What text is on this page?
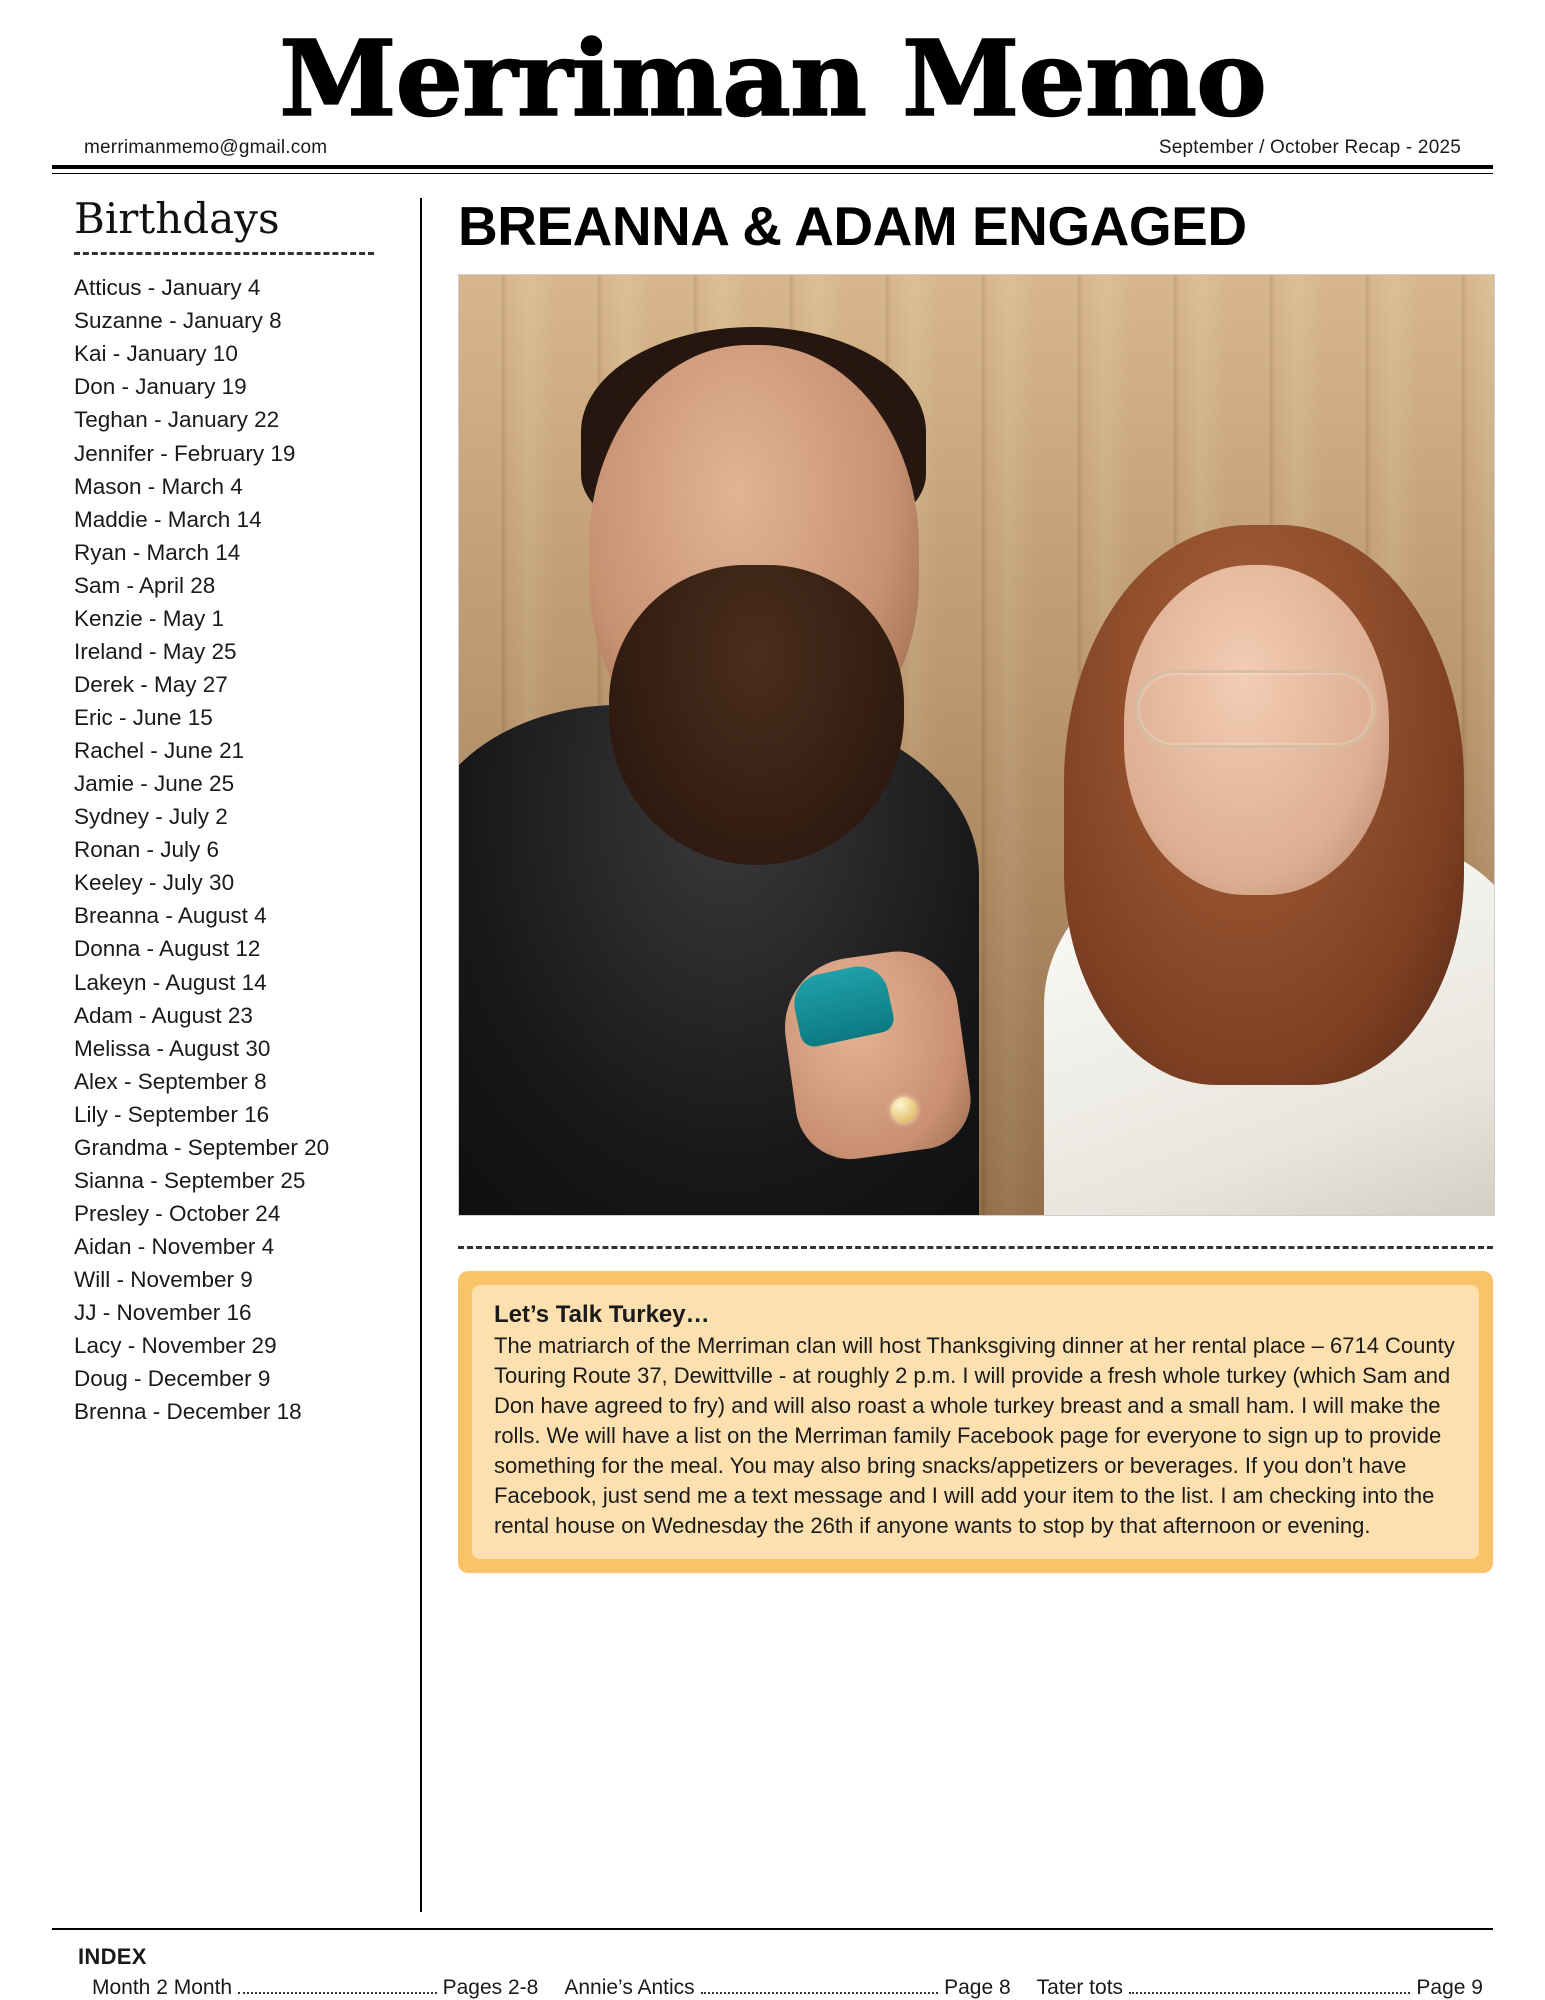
Merriman Memo
merrimanmemo@gmail.com	September / October Recap - 2025
Birthdays
Atticus - January 4
Suzanne - January 8
Kai - January 10
Don - January 19
Teghan - January 22
Jennifer - February 19
Mason - March 4
Maddie - March 14
Ryan - March 14
Sam - April 28
Kenzie - May 1
Ireland - May 25
Derek - May 27
Eric - June 15
Rachel - June 21
Jamie - June 25
Sydney - July 2
Ronan - July 6
Keeley - July 30
Breanna - August 4
Donna - August 12
Lakeyn - August 14
Adam - August 23
Melissa - August 30
Alex - September 8
Lily - September 16
Grandma - September 20
Sianna - September 25
Presley - October 24
Aidan - November 4
Will - November 9
JJ - November 16
Lacy - November 29
Doug - December 9
Brenna - December 18
BREANNA & ADAM ENGAGED

Let’s Talk Turkey…

The matriarch of the Merriman clan will host Thanksgiving dinner at her rental place – 6714 County Touring Route 37, Dewittville - at roughly 2 p.m. I will provide a fresh whole turkey (which Sam and Don have agreed to fry) and will also roast a whole turkey breast and a small ham. I will make the rolls. We will have a list on the Merriman family Facebook page for everyone to sign up to provide something for the meal. You may also bring snacks/appetizers or beverages. If you don’t have Facebook, just send me a text message and I will add your item to the list. I am checking into the rental house on Wednesday the 26th if anyone wants to stop by that afternoon or evening.

INDEX
Month 2 Month	Pages 2-8 Annie’s Antics	Page 8 Tater tots	Page 9
